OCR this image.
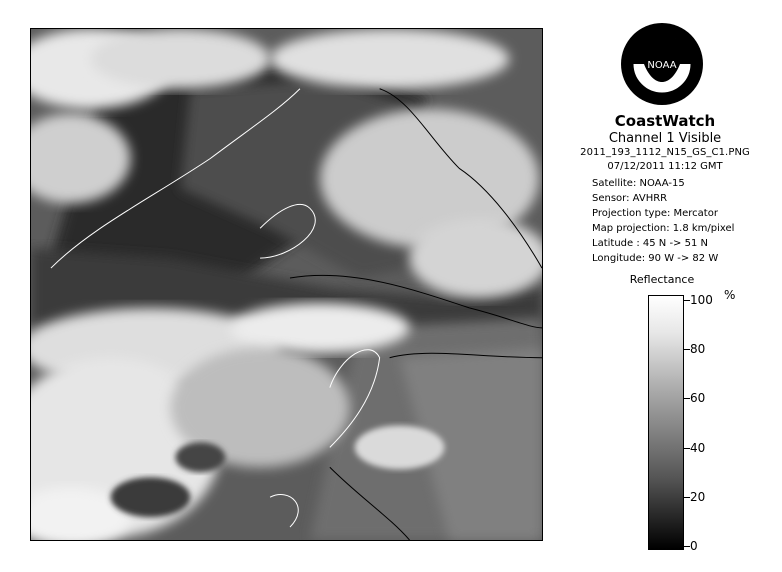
NOAA
CoastWatch
Channel 1 Visible
2011_193_1112_N15_GS_C1.PNG
07/12/2011 11:12 GMT
Satellite: NOAA-15
Sensor: AVHRR
Projection type: Mercator
Map projection: 1.8 km/pixel
Latitude : 45 N -> 51 N
Longitude: 90 W -> 82 W
Reflectance
%
100
80
60
40
20
0
